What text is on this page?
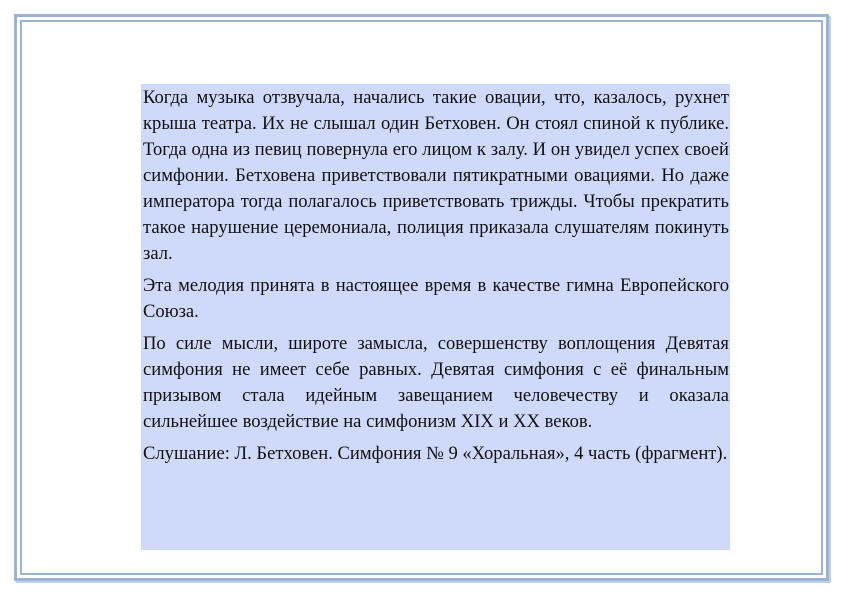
Когда музыка отзвучала, начались такие овации, что, казалось, рухнет крыша театра. Их не слышал один Бетховен. Он стоял спиной к публике. Тогда одна из певиц повернула его лицом к залу. И он увидел успех своей симфонии. Бетховена приветствовали пятикратными овациями. Но даже императора тогда полагалось приветствовать трижды. Чтобы прекратить такое нарушение церемониала, полиция приказала слушателям покинуть зал.

Эта мелодия принята в настоящее время в качестве гимна Европейского Союза.

По силе мысли, широте замысла, совершенству воплощения Девятая симфония не имеет себе равных. Девятая симфония с её финальным призывом стала идейным завещанием человечеству и оказала сильнейшее воздействие на симфонизм XIX и XX веков.

Слушание: Л. Бетховен. Симфония № 9 «Хоральная», 4 часть (фрагмент).
